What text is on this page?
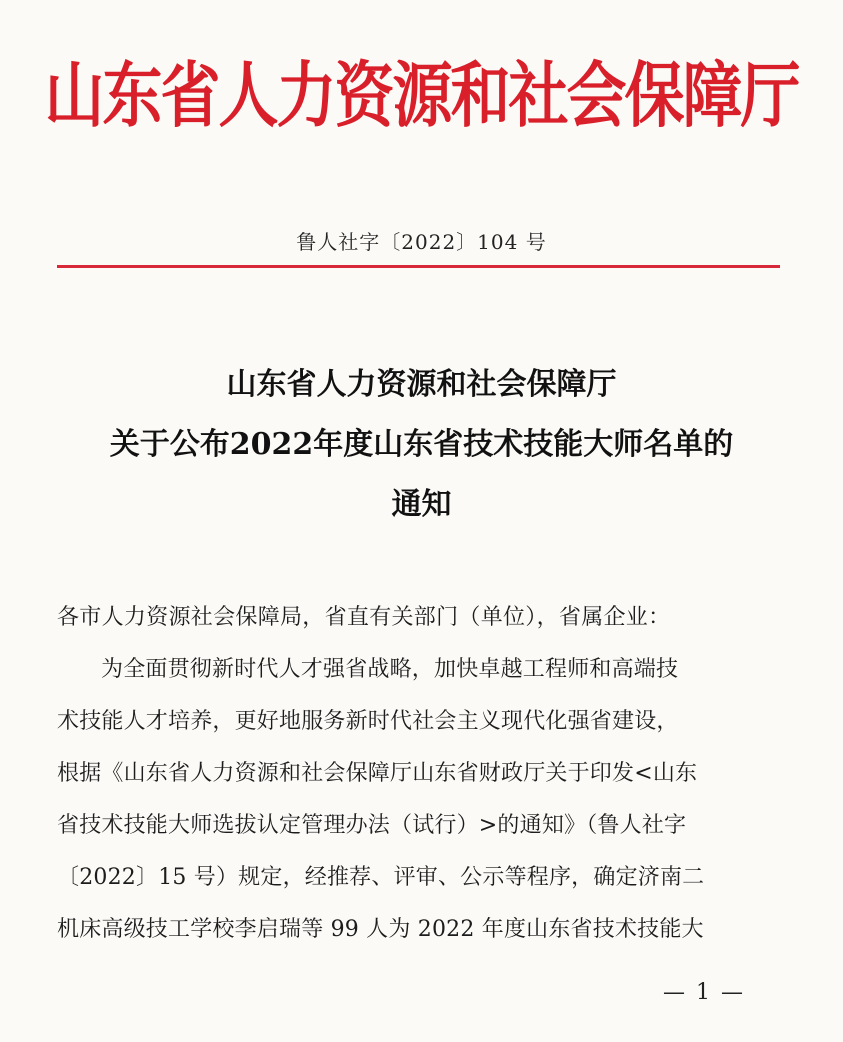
山东省人力资源和社会保障厅
鲁人社字〔2022〕104 号
山东省人力资源和社会保障厅
关于公布2022年度山东省技术技能大师名单的
通知
各市人力资源社会保障局，省直有关部门（单位），省属企业：
为全面贯彻新时代人才强省战略，加快卓越工程师和高端技
术技能人才培养，更好地服务新时代社会主义现代化强省建设，
根据《山东省人力资源和社会保障厅山东省财政厅关于印发<山东
省技术技能大师选拔认定管理办法（试行）>的通知》（鲁人社字
〔2022〕15 号）规定，经推荐、评审、公示等程序，确定济南二
机床高级技工学校李启瑞等 99 人为 2022 年度山东省技术技能大
— 1 —
